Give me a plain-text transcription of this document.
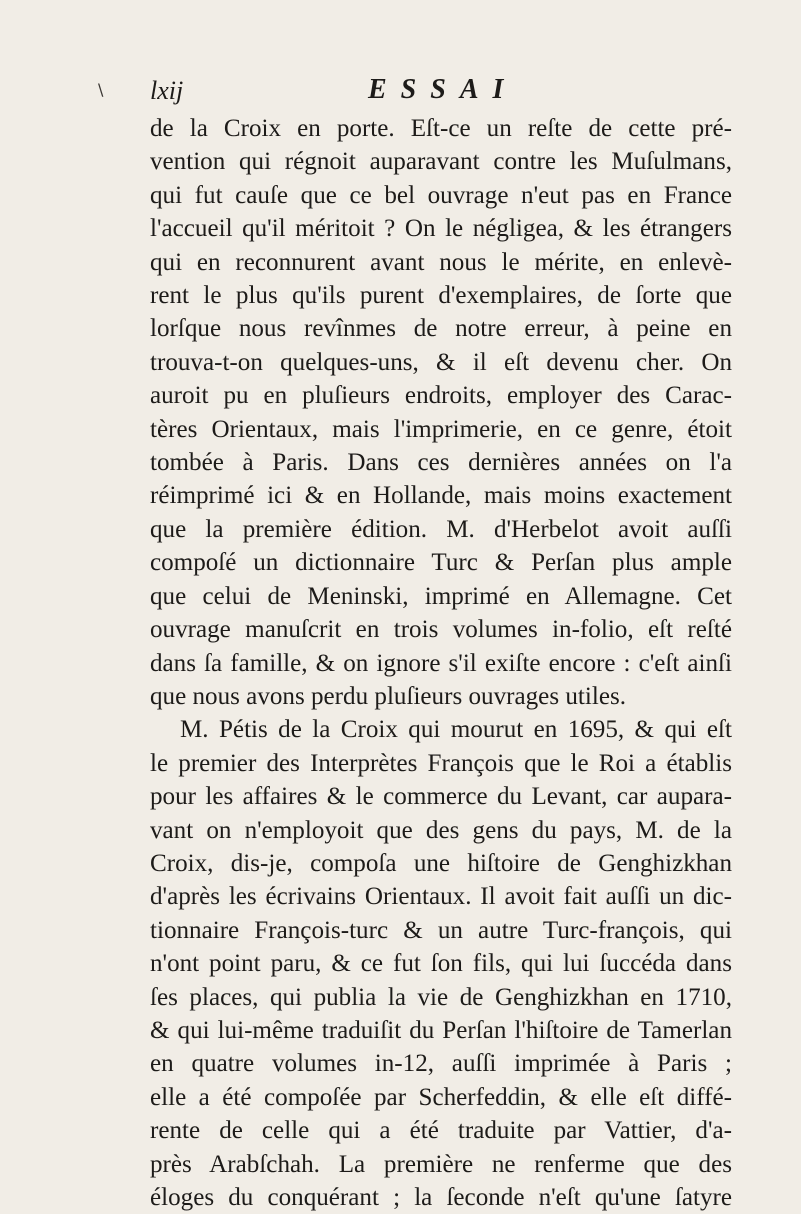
\ lxij	ESSAI
de la Croix en porte. Eſt-ce un reſte de cette pré-
vention qui régnoit auparavant contre les Muſulmans,
qui fut cauſe que ce bel ouvrage n'eut pas en France
l'accueil qu'il méritoit ? On le négligea, & les étrangers
qui en reconnurent avant nous le mérite, en enlevè-
rent le plus qu'ils purent d'exemplaires, de ſorte que
lorſque nous revînmes de notre erreur, à peine en
trouva-t-on quelques-uns, & il eſt devenu cher. On
auroit pu en pluſieurs endroits, employer des Carac-
tères Orientaux, mais l'imprimerie, en ce genre, étoit
tombée à Paris. Dans ces dernières années on l'a
réimprimé ici & en Hollande, mais moins exactement
que la première édition. M. d'Herbelot avoit auſſi
compoſé un dictionnaire Turc & Perſan plus ample
que celui de Meninski, imprimé en Allemagne. Cet
ouvrage manuſcrit en trois volumes in-folio, eſt reſté
dans ſa famille, & on ignore s'il exiſte encore : c'eſt ainſi
que nous avons perdu pluſieurs ouvrages utiles.
M. Pétis de la Croix qui mourut en 1695, & qui eſt
le premier des Interprètes François que le Roi a établis
pour les affaires & le commerce du Levant, car aupara-
vant on n'employoit que des gens du pays, M. de la
Croix, dis-je, compoſa une hiſtoire de Genghizkhan
d'après les écrivains Orientaux. Il avoit fait auſſi un dic-
tionnaire François-turc & un autre Turc-françois, qui
n'ont point paru, & ce fut ſon fils, qui lui ſuccéda dans
ſes places, qui publia la vie de Genghizkhan en 1710,
& qui lui-même traduiſit du Perſan l'hiſtoire de Tamerlan
en quatre volumes in-12, auſſi imprimée à Paris ;
elle a été compoſée par Scherfeddin, & elle eſt diffé-
rente de celle qui a été traduite par Vattier, d'a-
près Arabſchah. La première ne renferme que des
éloges du conquérant ; la ſeconde n'eſt qu'une ſatyre
